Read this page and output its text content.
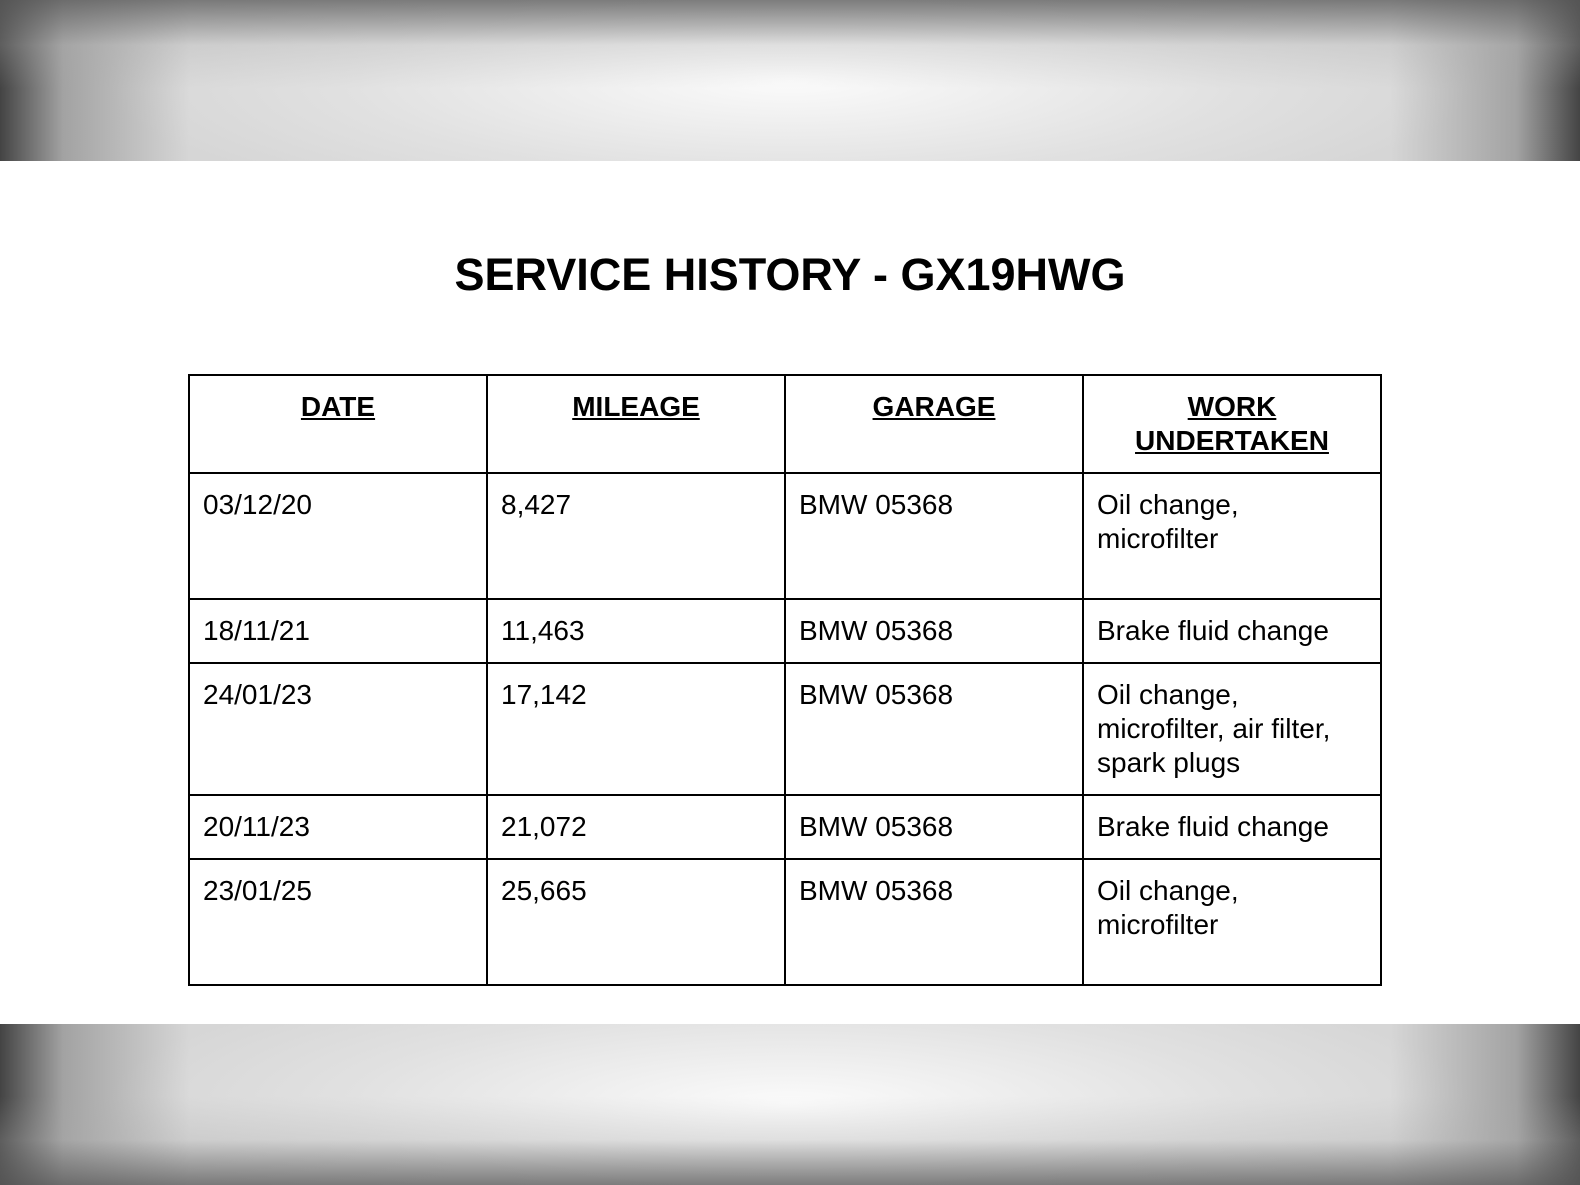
SERVICE HISTORY - GX19HWG
DATE	MILEAGE	GARAGE	WORK UNDERTAKEN
03/12/20	8,427	BMW 05368	Oil change, microfilter
18/11/21	11,463	BMW 05368	Brake fluid change
24/01/23	17,142	BMW 05368	Oil change, microfilter, air filter, spark plugs
20/11/23	21,072	BMW 05368	Brake fluid change
23/01/25	25,665	BMW 05368	Oil change, microfilter
